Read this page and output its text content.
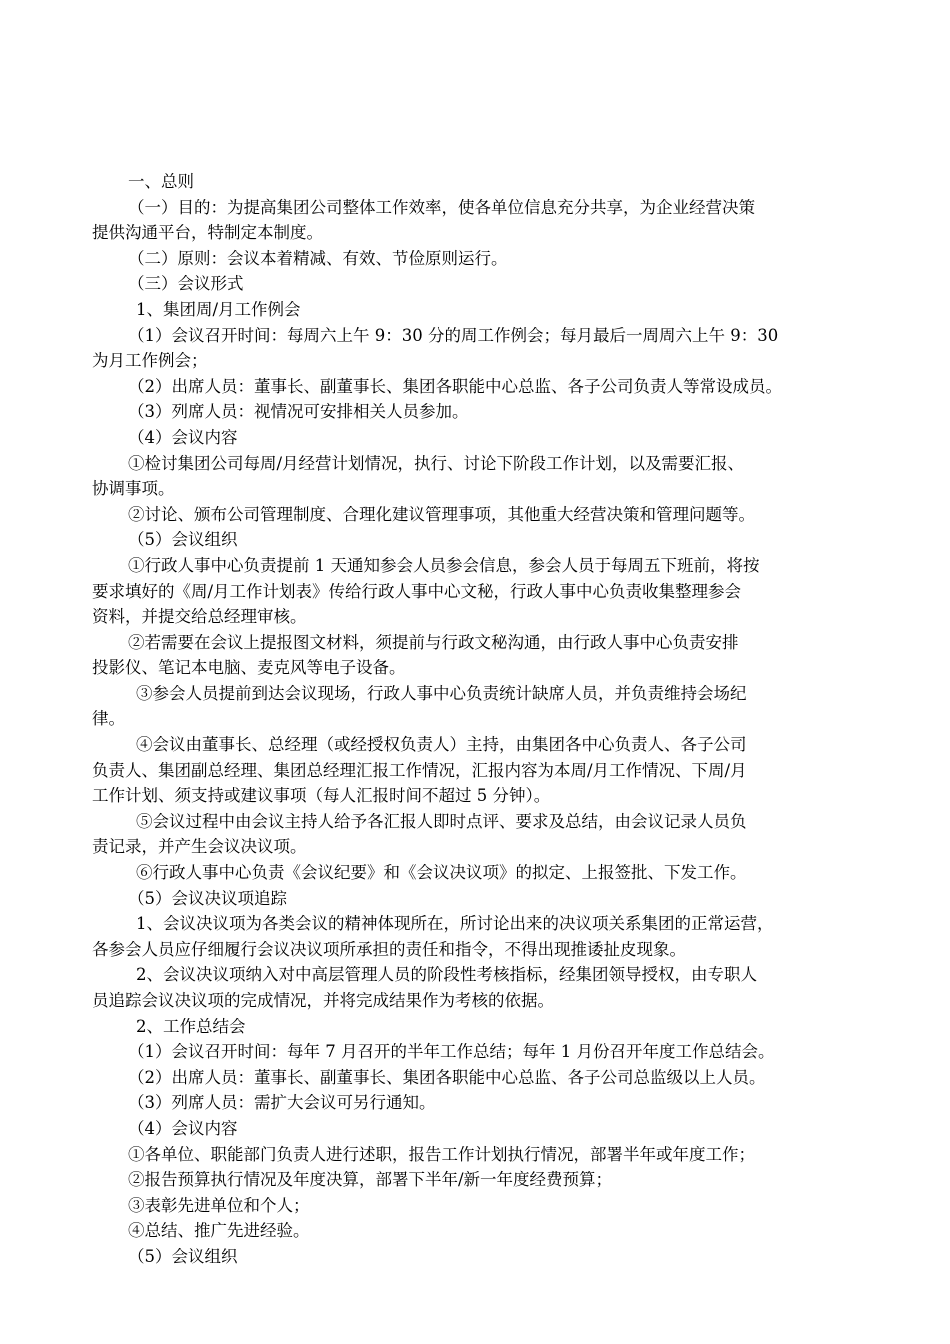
一、总则

（一）目的：为提高集团公司整体工作效率，使各单位信息充分共享，为企业经营决策

提供沟通平台，特制定本制度。

（二）原则：会议本着精减、有效、节俭原则运行。

（三）会议形式

1、集团周/月工作例会

（1）会议召开时间：每周六上午 9：30 分的周工作例会；每月最后一周周六上午 9：30

为月工作例会；

（2）出席人员：董事长、副董事长、集团各职能中心总监、各子公司负责人等常设成员。

（3）列席人员：视情况可安排相关人员参加。

（4）会议内容

①检讨集团公司每周/月经营计划情况，执行、讨论下阶段工作计划，以及需要汇报、

协调事项。

②讨论、颁布公司管理制度、合理化建议管理事项，其他重大经营决策和管理问题等。

（5）会议组织

①行政人事中心负责提前 1 天通知参会人员参会信息，参会人员于每周五下班前，将按

要求填好的《周/月工作计划表》传给行政人事中心文秘，行政人事中心负责收集整理参会

资料，并提交给总经理审核。

②若需要在会议上提报图文材料，须提前与行政文秘沟通，由行政人事中心负责安排

投影仪、笔记本电脑、麦克风等电子设备。

③参会人员提前到达会议现场，行政人事中心负责统计缺席人员，并负责维持会场纪

律。

④会议由董事长、总经理（或经授权负责人）主持，由集团各中心负责人、各子公司

负责人、集团副总经理、集团总经理汇报工作情况，汇报内容为本周/月工作情况、下周/月

工作计划、须支持或建议事项（每人汇报时间不超过 5 分钟）。

⑤会议过程中由会议主持人给予各汇报人即时点评、要求及总结，由会议记录人员负

责记录，并产生会议决议项。

⑥行政人事中心负责《会议纪要》和《会议决议项》的拟定、上报签批、下发工作。

（5）会议决议项追踪

1、会议决议项为各类会议的精神体现所在，所讨论出来的决议项关系集团的正常运营，

各参会人员应仔细履行会议决议项所承担的责任和指令，不得出现推诿扯皮现象。

2、会议决议项纳入对中高层管理人员的阶段性考核指标，经集团领导授权，由专职人

员追踪会议决议项的完成情况，并将完成结果作为考核的依据。

2、工作总结会

（1）会议召开时间：每年 7 月召开的半年工作总结；每年 1 月份召开年度工作总结会。

（2）出席人员：董事长、副董事长、集团各职能中心总监、各子公司总监级以上人员。

（3）列席人员：需扩大会议可另行通知。

（4）会议内容

①各单位、职能部门负责人进行述职，报告工作计划执行情况，部署半年或年度工作；

②报告预算执行情况及年度决算，部署下半年/新一年度经费预算；

③表彰先进单位和个人；

④总结、推广先进经验。

（5）会议组织
